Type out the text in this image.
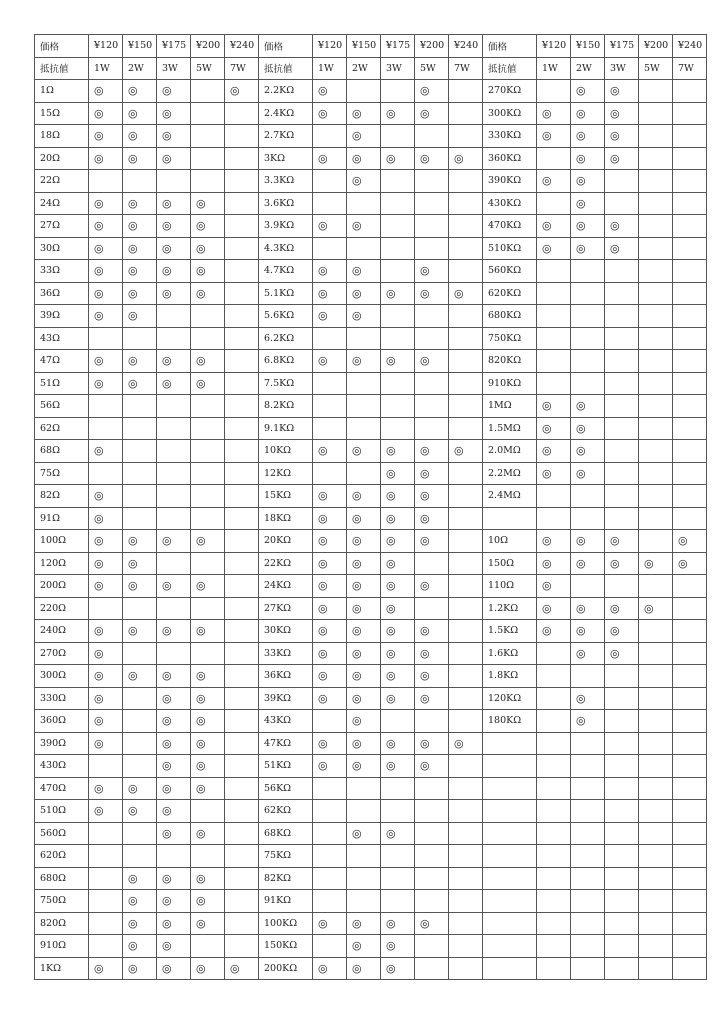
価格	¥120	¥150	¥175	¥200	¥240	価格	¥120	¥150	¥175	¥200	¥240	価格	¥120	¥150	¥175	¥200	¥240
抵抗値	1W	2W	3W	5W	7W	抵抗値	1W	2W	3W	5W	7W	抵抗値	1W	2W	3W	5W	7W
1Ω	◎	◎	◎		◎	2.2KΩ	◎			◎		270KΩ		◎	◎		
15Ω	◎	◎	◎			2.4KΩ	◎	◎	◎	◎		300KΩ	◎	◎	◎		
18Ω	◎	◎	◎			2.7KΩ		◎				330KΩ	◎	◎	◎		
20Ω	◎	◎	◎			3KΩ	◎	◎	◎	◎	◎	360KΩ		◎	◎		
22Ω						3.3KΩ		◎				390KΩ	◎	◎			
24Ω	◎	◎	◎	◎		3.6KΩ						430KΩ		◎			
27Ω	◎	◎	◎	◎		3.9KΩ	◎	◎				470KΩ	◎	◎	◎		
30Ω	◎	◎	◎	◎		4.3KΩ						510KΩ	◎	◎	◎		
33Ω	◎	◎	◎	◎		4.7KΩ	◎	◎		◎		560KΩ					
36Ω	◎	◎	◎	◎		5.1KΩ	◎	◎	◎	◎	◎	620KΩ					
39Ω	◎	◎				5.6KΩ	◎	◎				680KΩ					
43Ω						6.2KΩ						750KΩ					
47Ω	◎	◎	◎	◎		6.8KΩ	◎	◎	◎	◎		820KΩ					
51Ω	◎	◎	◎	◎		7.5KΩ						910KΩ					
56Ω						8.2KΩ						1MΩ	◎	◎			
62Ω						9.1KΩ						1.5MΩ	◎	◎			
68Ω	◎					10KΩ	◎	◎	◎	◎	◎	2.0MΩ	◎	◎			
75Ω						12KΩ			◎	◎		2.2MΩ	◎	◎			
82Ω	◎					15KΩ	◎	◎	◎	◎		2.4MΩ					
91Ω	◎					18KΩ	◎	◎	◎	◎							
100Ω	◎	◎	◎	◎		20KΩ	◎	◎	◎	◎		10Ω	◎	◎	◎		◎
120Ω	◎	◎				22KΩ	◎	◎	◎			150Ω	◎	◎	◎	◎	◎
200Ω	◎	◎	◎	◎		24KΩ	◎	◎	◎	◎		110Ω	◎				
220Ω						27KΩ	◎	◎	◎			1.2KΩ	◎	◎	◎	◎	
240Ω	◎	◎	◎	◎		30KΩ	◎	◎	◎	◎		1.5KΩ	◎	◎	◎		
270Ω	◎					33KΩ	◎	◎	◎	◎		1.6KΩ		◎	◎		
300Ω	◎	◎	◎	◎		36KΩ	◎	◎	◎	◎		1.8KΩ					
330Ω	◎		◎	◎		39KΩ	◎	◎	◎	◎		120KΩ		◎			
360Ω	◎		◎	◎		43KΩ		◎				180KΩ		◎			
390Ω	◎		◎	◎		47KΩ	◎	◎	◎	◎	◎						
430Ω			◎	◎		51KΩ	◎	◎	◎	◎							
470Ω	◎	◎	◎	◎		56KΩ											
510Ω	◎	◎	◎			62KΩ											
560Ω			◎	◎		68KΩ		◎	◎								
620Ω						75KΩ											
680Ω		◎	◎	◎		82KΩ											
750Ω		◎	◎	◎		91KΩ											
820Ω		◎	◎	◎		100KΩ	◎	◎	◎	◎							
910Ω		◎	◎			150KΩ		◎	◎								
1KΩ	◎	◎	◎	◎	◎	200KΩ	◎	◎	◎								
